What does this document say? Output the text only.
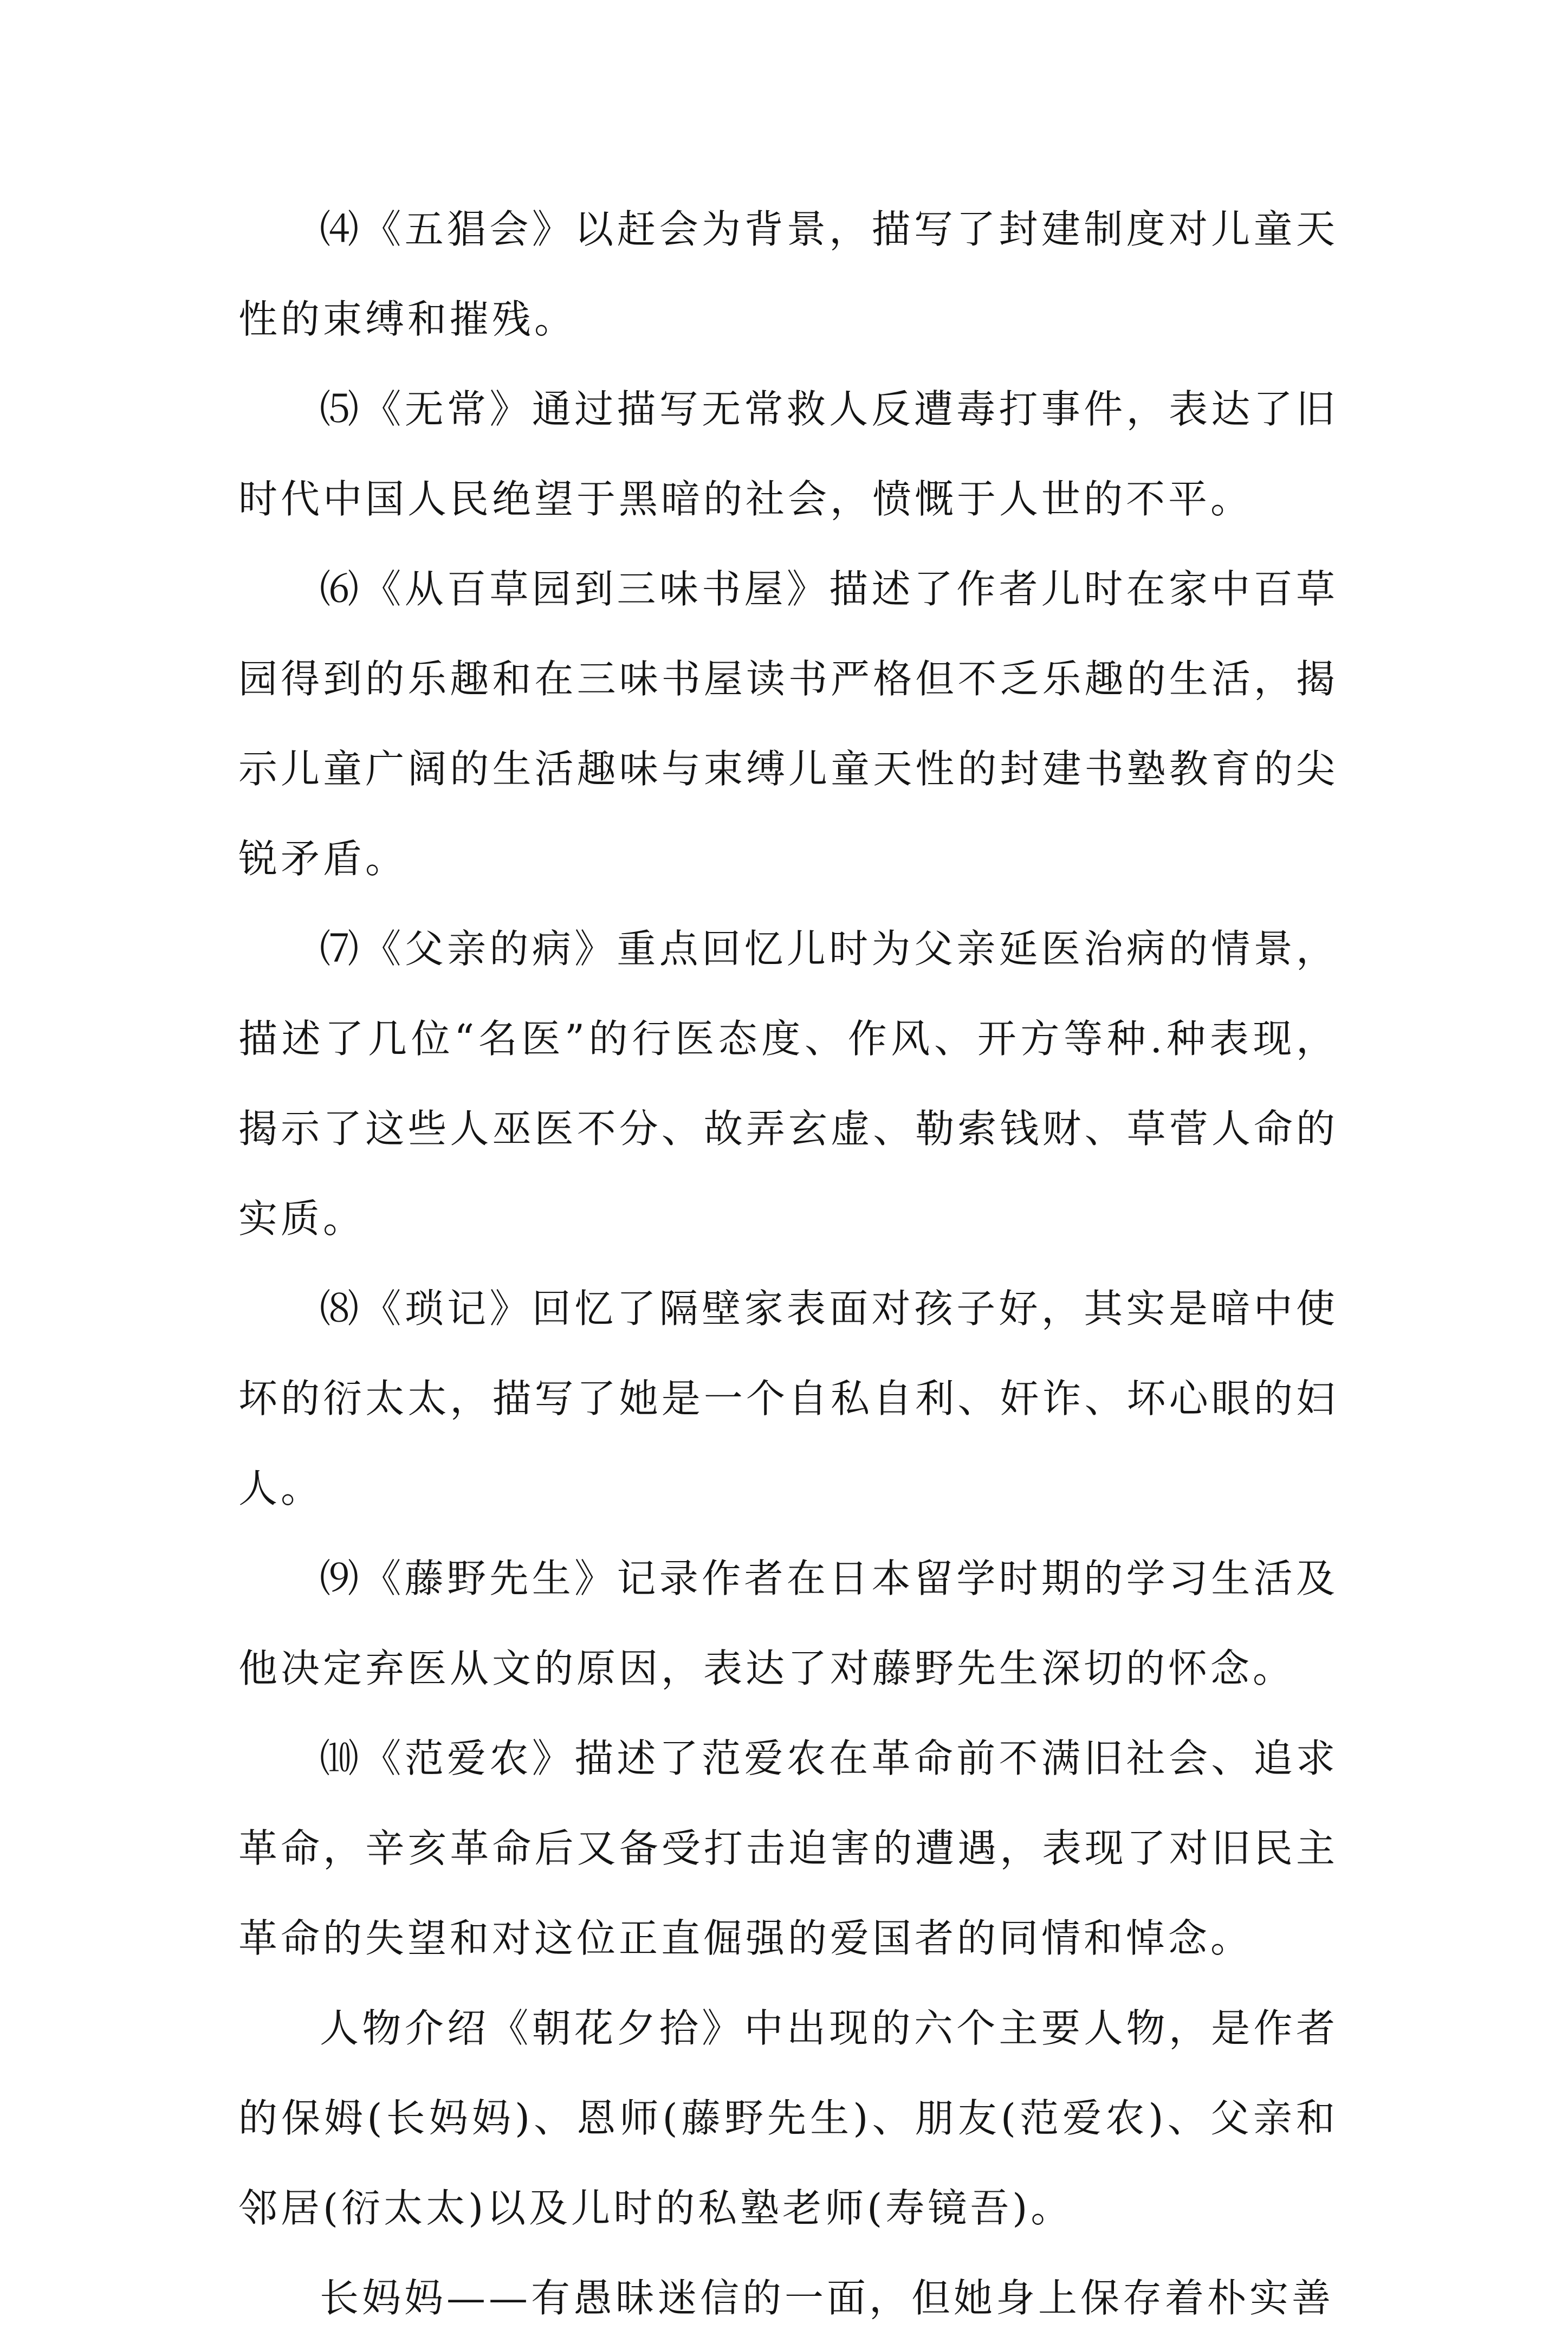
⑷《五猖会》以赶会为背景，描写了封建制度对儿童天性的束缚和摧残。

⑸《无常》通过描写无常救人反遭毒打事件，表达了旧时代中国人民绝望于黑暗的社会，愤慨于人世的不平。

⑹《从百草园到三味书屋》描述了作者儿时在家中百草园得到的乐趣和在三味书屋读书严格但不乏乐趣的生活，揭示儿童广阔的生活趣味与束缚儿童天性的封建书塾教育的尖锐矛盾。

⑺《父亲的病》重点回忆儿时为父亲延医治病的情景，描述了几位“名医”的行医态度、作风、开方等种.种表现，揭示了这些人巫医不分、故弄玄虚、勒索钱财、草菅人命的实质。

⑻《琐记》回忆了隔壁家表面对孩子好，其实是暗中使坏的衍太太，描写了她是一个自私自利、奸诈、坏心眼的妇人。

⑼《藤野先生》记录作者在日本留学时期的学习生活及他决定弃医从文的原因，表达了对藤野先生深切的怀念。

⑽《范爱农》描述了范爱农在革命前不满旧社会、追求革命，辛亥革命后又备受打击迫害的遭遇，表现了对旧民主革命的失望和对这位正直倔强的爱国者的同情和悼念。

人物介绍《朝花夕拾》中出现的六个主要人物，是作者的保姆(长妈妈)、恩师(藤野先生)、朋友(范爱农)、父亲和邻居(衍太太)以及儿时的私塾老师(寿镜吾)。

长妈妈——有愚昧迷信的一面，但她身上保存着朴实善
